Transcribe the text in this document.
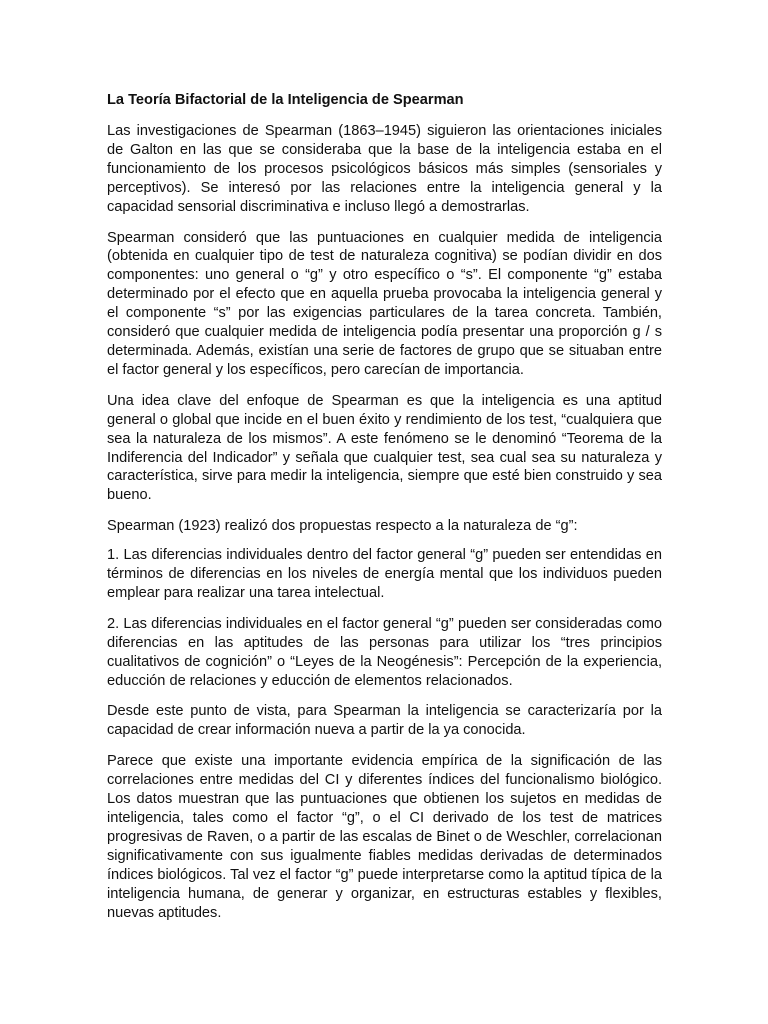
La Teoría Bifactorial de la Inteligencia de Spearman

Las investigaciones de Spearman (1863–1945) siguieron las orientaciones iniciales de Galton en las que se consideraba que la base de la inteligencia estaba en el funcionamiento de los procesos psicológicos básicos más simples (sensoriales y perceptivos). Se interesó por las relaciones entre la inteligencia general y la capacidad sensorial discriminativa e incluso llegó a demostrarlas.

Spearman consideró que las puntuaciones en cualquier medida de inteligencia (obtenida en cualquier tipo de test de naturaleza cognitiva) se podían dividir en dos componentes: uno general o “g” y otro específico o “s”. El componente “g” estaba determinado por el efecto que en aquella prueba provocaba la inteligencia general y el componente “s” por las exigencias particulares de la tarea concreta. También, consideró que cualquier medida de inteligencia podía presentar una proporción g / s determinada. Además, existían una serie de factores de grupo que se situaban entre el factor general y los específicos, pero carecían de importancia.

Una idea clave del enfoque de Spearman es que la inteligencia es una aptitud general o global que incide en el buen éxito y rendimiento de los test, “cualquiera que sea la naturaleza de los mismos”. A este fenómeno se le denominó “Teorema de la Indiferencia del Indicador” y señala que cualquier test, sea cual sea su naturaleza y característica, sirve para medir la inteligencia, siempre que esté bien construido y sea bueno.

Spearman (1923) realizó dos propuestas respecto a la naturaleza de “g”:

1. Las diferencias individuales dentro del factor general “g” pueden ser entendidas en términos de diferencias en los niveles de energía mental que los individuos pueden emplear para realizar una tarea intelectual.

2. Las diferencias individuales en el factor general “g” pueden ser consideradas como diferencias en las aptitudes de las personas para utilizar los “tres principios cualitativos de cognición” o “Leyes de la Neogénesis”: Percepción de la experiencia, educción de relaciones y educción de elementos relacionados.

Desde este punto de vista, para Spearman la inteligencia se caracterizaría por la capacidad de crear información nueva a partir de la ya conocida.

Parece que existe una importante evidencia empírica de la significación de las correlaciones entre medidas del CI y diferentes índices del funcionalismo biológico. Los datos muestran que las puntuaciones que obtienen los sujetos en medidas de inteligencia, tales como el factor “g”, o el CI derivado de los test de matrices progresivas de Raven, o a partir de las escalas de Binet o de Weschler, correlacionan significativamente con sus igualmente fiables medidas derivadas de determinados índices biológicos. Tal vez el factor “g” puede interpretarse como la aptitud típica de la inteligencia humana, de generar y organizar, en estructuras estables y flexibles, nuevas aptitudes.
